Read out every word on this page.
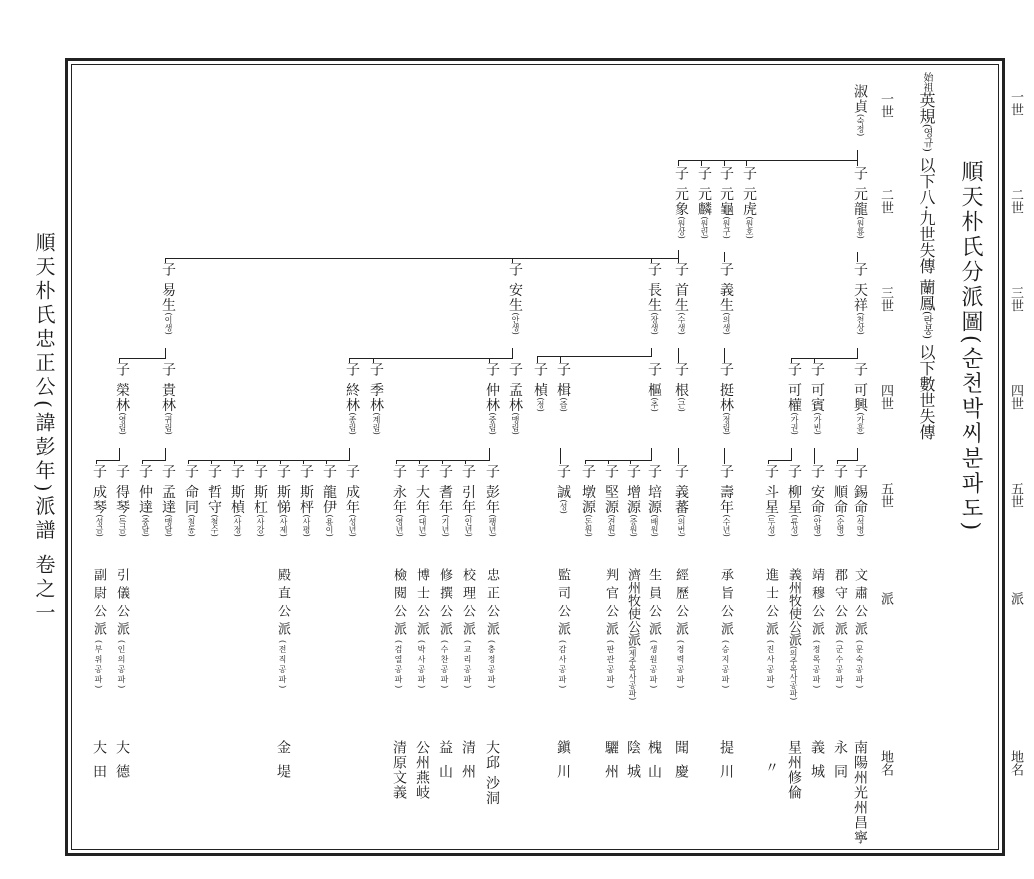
順天朴氏忠正公(諱彭年)派譜 卷之一
一世
二世
三世
四世
五世
派
地名
順天朴氏分派圖(순천박씨분파도)
始祖英規(영규) 以下八·九世失傳 蘭鳳(란봉) 以下數世失傳
一世
二世
三世
四世
五世
派
地名
淑貞(숙정)
子 元龍(원룡)
子 元虎(원호)
子 元龜(원구)
子 元麟(원린)
子 元象(원상)
子 天祥(천상)
子 義生(의생)
子 首生(수생)
子 長生(장생)
子 安生(안생)
子 易生(이생)
子 可興(가흥)
子 可賓(가빈)
子 可權(가권)
子 挺林(정림)
子 根(근)
子 樞(추)
子 楫(즙)
子 楨(정)
子 孟林(맹림)
子 仲林(중림)
子 季林(계림)
子 終林(종림)
子 貴林(귀림)
子 榮林(영림)
子 錫命(석명)
子 順命(순명)
子 安命(안명)
子 柳星(류성)
子 斗星(두성)
子 壽年(수년)
子 義蕃(의번)
子 培源(배원)
子 增源(증원)
子 堅源(견원)
子 墩源(돈원)
子 誠(성)
子 彭年(팽년)
子 引年(인년)
子 耆年(기년)
子 大年(대년)
子 永年(영년)
子 成年(성년)
子 龍伊(용이)
子 斯枰(사평)
子 斯悌(사제)
子 斯杠(사강)
子 斯楨(사정)
子 哲守(철수)
子 命同(칠동)
子 孟達(맹달)
子 仲達(중달)
子 得琴(득금)
子 成琴(성금)
文肅公派(문숙공파)
郡守公派(군수공파)
靖穆公派(정목공파)
義州牧使公派(의주목사공파)
進士公派(진사공파)
承旨公派(승지공파)
經歷公派(경력공파)
生員公派(생원공파)
濟州牧使公派(제주목사공파)
判官公派(판관공파)
監司公派(감사공파)
忠正公派(충정공파)
校理公派(교리공파)
修撰公派(수찬공파)
博士公派(박사공파)
檢閱公派(검열공파)
殿直公派(전직공파)
引儀公派(인의공파)
副尉公派(부위공파)
南陽州光州昌寧
永同
義城
星州修倫
〃
提川
聞慶
槐山
陰城
驪州
鎭川
大邱 沙洞
清州
益山
公州燕岐
清原文義
金堤
大德
大田
